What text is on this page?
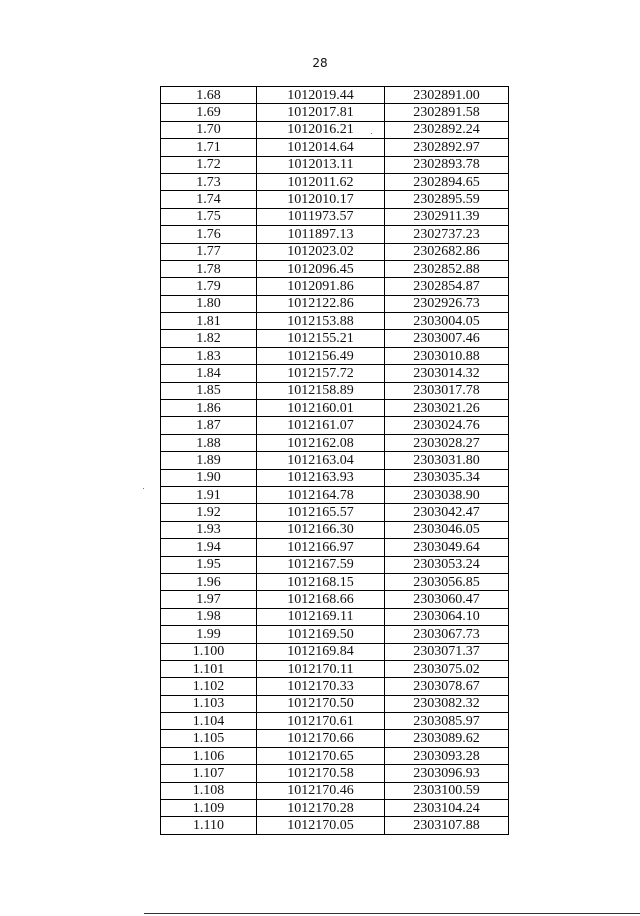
28
1.68	1012019.44	2302891.00
1.69	1012017.81	2302891.58
1.70	1012016.21	2302892.24
1.71	1012014.64	2302892.97
1.72	1012013.11	2302893.78
1.73	1012011.62	2302894.65
1.74	1012010.17	2302895.59
1.75	1011973.57	2302911.39
1.76	1011897.13	2302737.23
1.77	1012023.02	2302682.86
1.78	1012096.45	2302852.88
1.79	1012091.86	2302854.87
1.80	1012122.86	2302926.73
1.81	1012153.88	2303004.05
1.82	1012155.21	2303007.46
1.83	1012156.49	2303010.88
1.84	1012157.72	2303014.32
1.85	1012158.89	2303017.78
1.86	1012160.01	2303021.26
1.87	1012161.07	2303024.76
1.88	1012162.08	2303028.27
1.89	1012163.04	2303031.80
1.90	1012163.93	2303035.34
1.91	1012164.78	2303038.90
1.92	1012165.57	2303042.47
1.93	1012166.30	2303046.05
1.94	1012166.97	2303049.64
1.95	1012167.59	2303053.24
1.96	1012168.15	2303056.85
1.97	1012168.66	2303060.47
1.98	1012169.11	2303064.10
1.99	1012169.50	2303067.73
1.100	1012169.84	2303071.37
1.101	1012170.11	2303075.02
1.102	1012170.33	2303078.67
1.103	1012170.50	2303082.32
1.104	1012170.61	2303085.97
1.105	1012170.66	2303089.62
1.106	1012170.65	2303093.28
1.107	1012170.58	2303096.93
1.108	1012170.46	2303100.59
1.109	1012170.28	2303104.24
1.110	1012170.05	2303107.88
